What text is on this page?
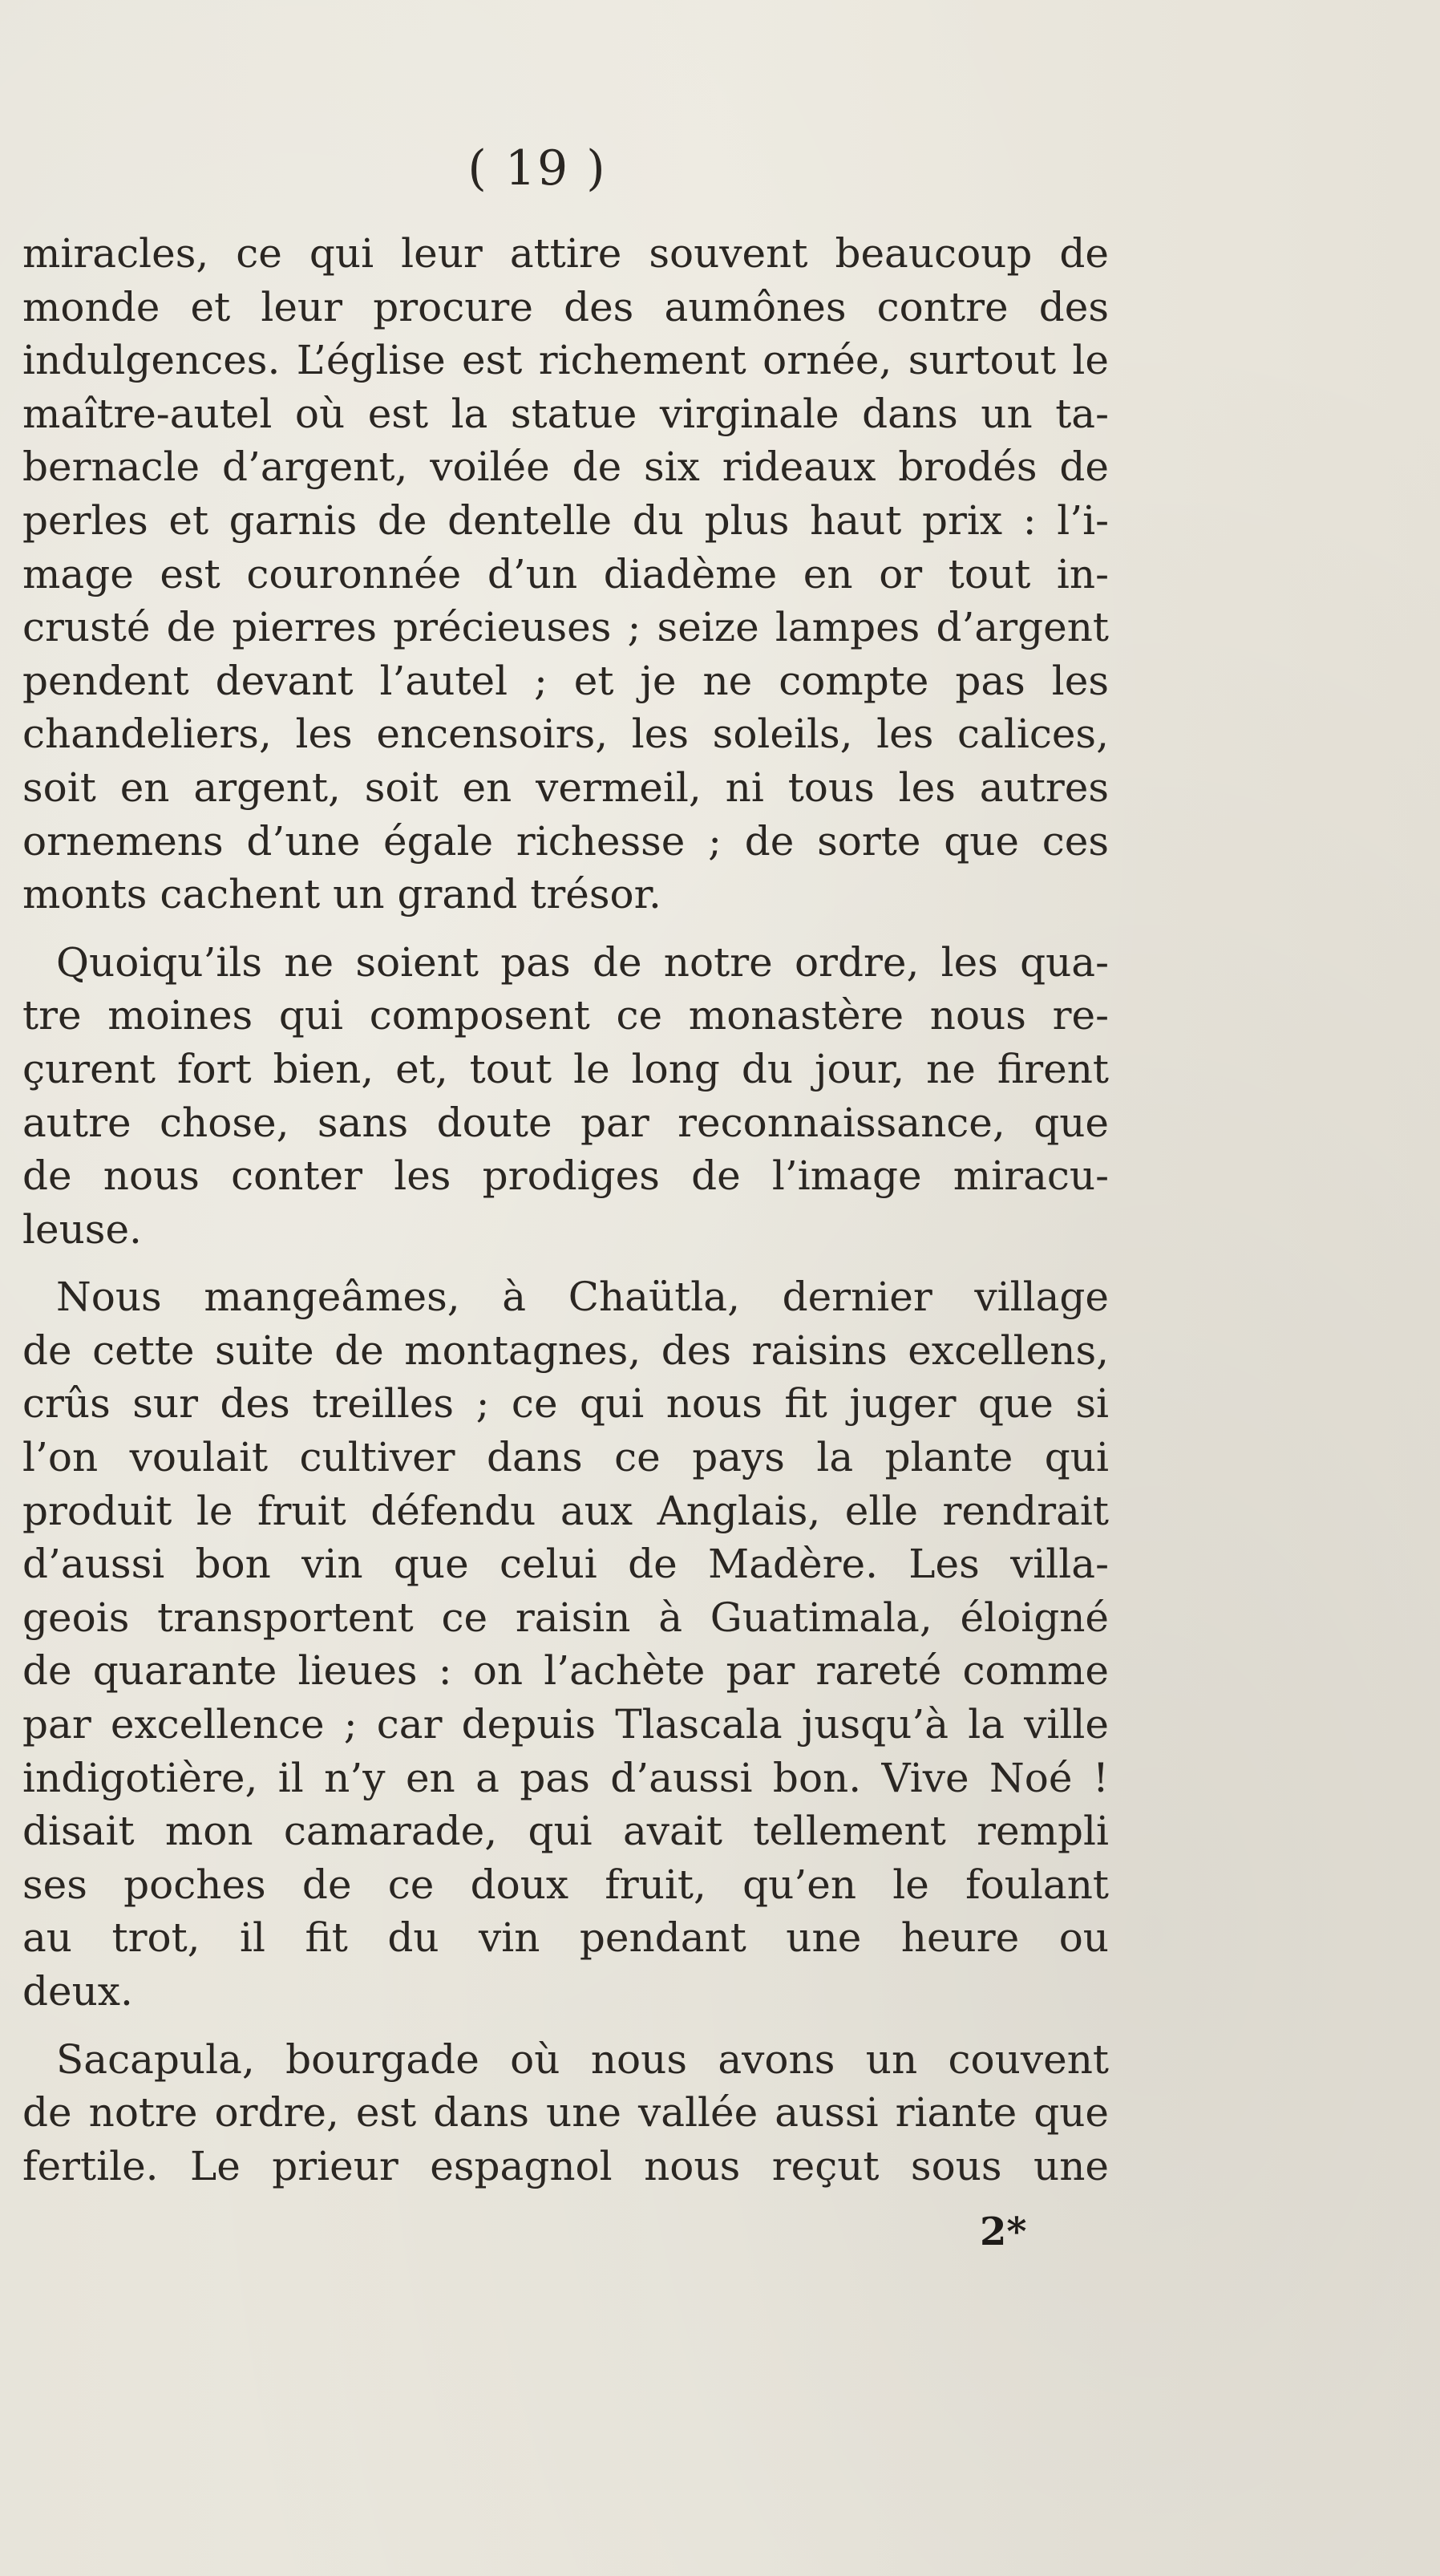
( 19 )
miracles, ce qui leur attire souvent beaucoup de
monde et leur procure des aumônes contre des
indulgences. L’église est richement ornée, surtout le
maître-autel où est la statue virginale dans un ta-
bernacle d’argent, voilée de six rideaux brodés de
perles et garnis de dentelle du plus haut prix : l’i-
mage est couronnée d’un diadème en or tout in-
crusté de pierres précieuses ; seize lampes d’argent
pendent devant l’autel ; et je ne compte pas les
chandeliers, les encensoirs, les soleils, les calices,
soit en argent, soit en vermeil, ni tous les autres
ornemens d’une égale richesse ; de sorte que ces
monts cachent un grand trésor.
Quoiqu’ils ne soient pas de notre ordre, les qua-
tre moines qui composent ce monastère nous re-
çurent fort bien, et, tout le long du jour, ne firent
autre chose, sans doute par reconnaissance, que
de nous conter les prodiges de l’image miracu-
leuse.
Nous mangeâmes, à Chaütla, dernier village
de cette suite de montagnes, des raisins excellens,
crûs sur des treilles ; ce qui nous fit juger que si
l’on voulait cultiver dans ce pays la plante qui
produit le fruit défendu aux Anglais, elle rendrait
d’aussi bon vin que celui de Madère. Les villa-
geois transportent ce raisin à Guatimala, éloigné
de quarante lieues : on l’achète par rareté comme
par excellence ; car depuis Tlascala jusqu’à la ville
indigotière, il n’y en a pas d’aussi bon. Vive Noé !
disait mon camarade, qui avait tellement rempli
ses poches de ce doux fruit, qu’en le foulant
au trot, il fit du vin pendant une heure ou
deux.
Sacapula, bourgade où nous avons un couvent
de notre ordre, est dans une vallée aussi riante que
fertile. Le prieur espagnol nous reçut sous une
2*
